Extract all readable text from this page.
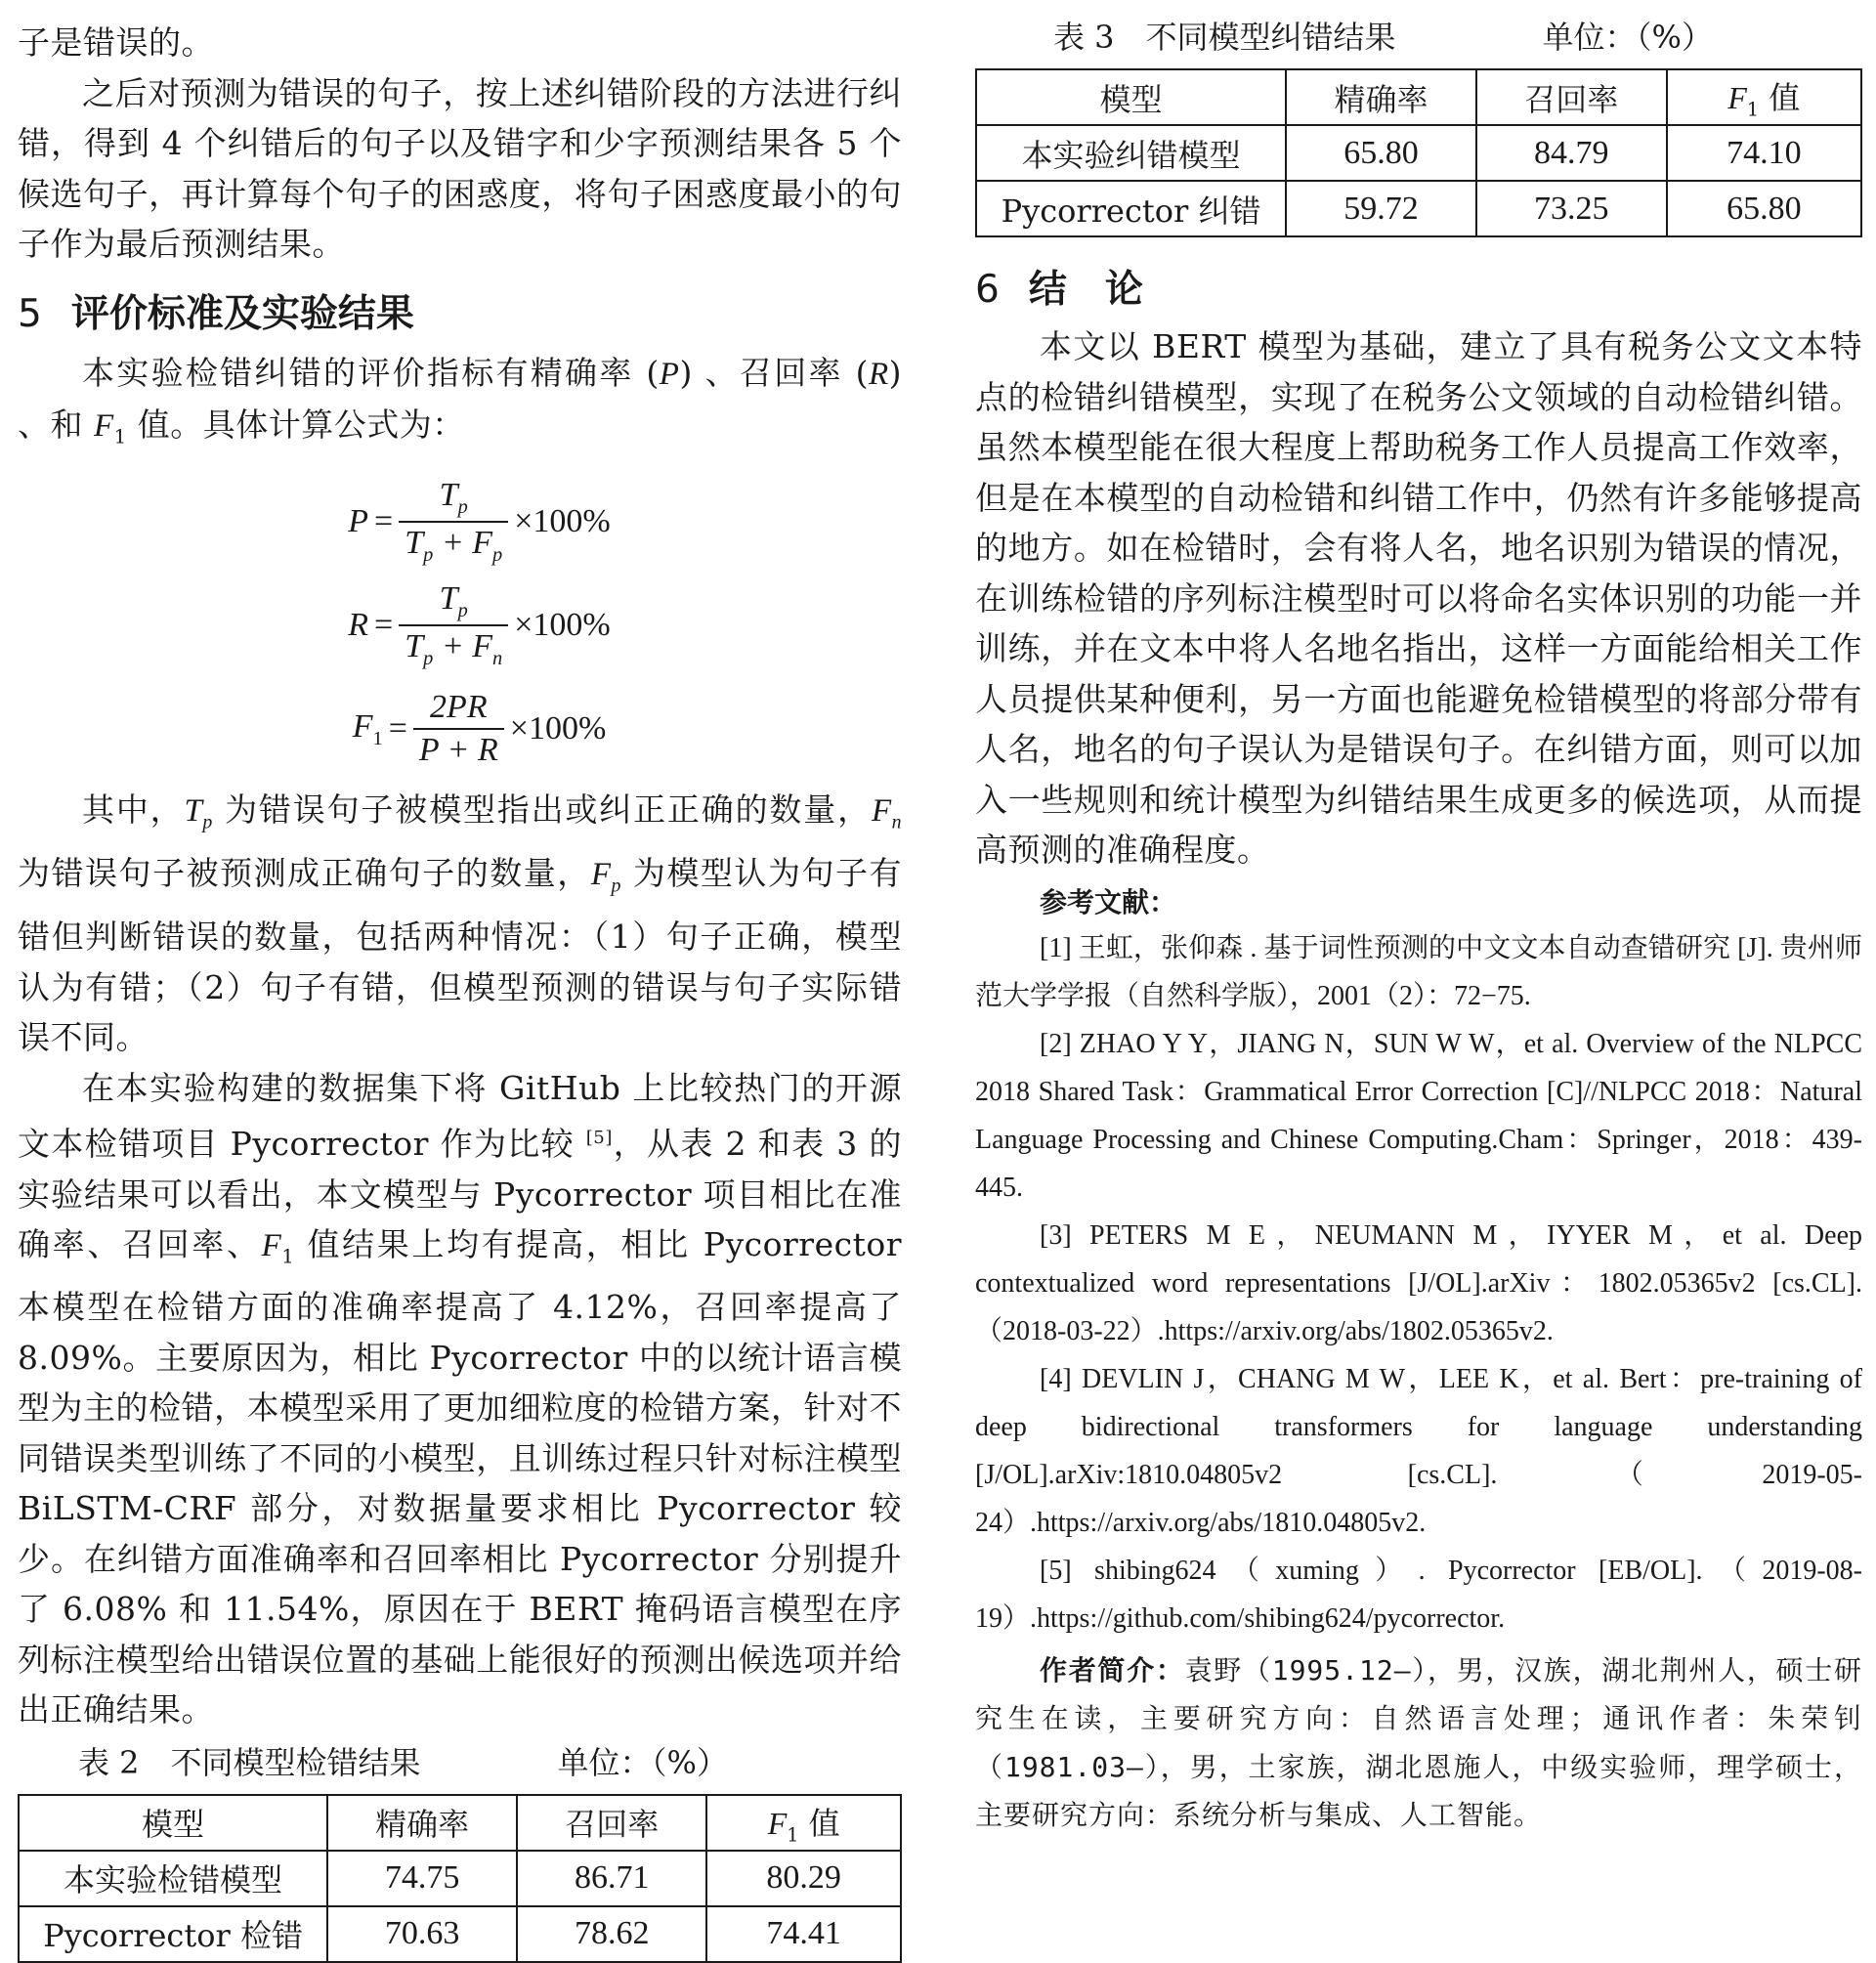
子是错误的。

之后对预测为错误的句子，按上述纠错阶段的方法进行纠错，得到 4 个纠错后的句子以及错字和少字预测结果各 5 个候选句子，再计算每个句子的困惑度，将句子困惑度最小的句子作为最后预测结果。

5 评价标准及实验结果

本实验检错纠错的评价指标有精确率 (P) 、召回率 (R) 、和 $F_1$ 值。具体计算公式为：

$P = \frac{T_p}{T_p + F_p} \times 100\%$
$R = \frac{T_p}{T_p + F_n} \times 100\%$
$F_1 = \frac{2PR}{P + R} \times 100\%$

其中，$T_p$ 为错误句子被模型指出或纠正正确的数量，$F_n$ 为错误句子被预测成正确句子的数量，$F_p$ 为模型认为句子有错但判断错误的数量，包括两种情况：（1）句子正确，模型认为有错；（2）句子有错，但模型预测的错误与句子实际错误不同。

在本实验构建的数据集下将 GitHub 上比较热门的开源文本检错项目 Pycorrector 作为比较 [5]，从表 2 和表 3 的实验结果可以看出，本文模型与 Pycorrector 项目相比在准确率、召回率、$F_1$ 值结果上均有提高，相比 Pycorrector 本模型在检错方面的准确率提高了 4.12%，召回率提高了 8.09%。主要原因为，相比 Pycorrector 中的以统计语言模型为主的检错，本模型采用了更加细粒度的检错方案，针对不同错误类型训练了不同的小模型，且训练过程只针对标注模型 BiLSTM-CRF 部分，对数据量要求相比 Pycorrector 较少。在纠错方面准确率和召回率相比 Pycorrector 分别提升了 6.08% 和 11.54%，原因在于 BERT 掩码语言模型在序列标注模型给出错误位置的基础上能很好的预测出候选项并给出正确结果。

表 2　不同模型检错结果	单位：（%）
模型	精确率	召回率	$F_1$ 值
本实验检错模型	74.75	86.71	80.29
Pycorrector 检错	70.63	78.62	74.41
表 3　不同模型纠错结果	单位：（%）
模型	精确率	召回率	$F_1$ 值
本实验纠错模型	65.80	84.79	74.10
Pycorrector 纠错	59.72	73.25	65.80
6 结　论

本文以 BERT 模型为基础，建立了具有税务公文文本特点的检错纠错模型，实现了在税务公文领域的自动检错纠错。虽然本模型能在很大程度上帮助税务工作人员提高工作效率，但是在本模型的自动检错和纠错工作中，仍然有许多能够提高的地方。如在检错时，会有将人名，地名识别为错误的情况，在训练检错的序列标注模型时可以将命名实体识别的功能一并训练，并在文本中将人名地名指出，这样一方面能给相关工作人员提供某种便利，另一方面也能避免检错模型的将部分带有人名，地名的句子误认为是错误句子。在纠错方面，则可以加入一些规则和统计模型为纠错结果生成更多的候选项，从而提高预测的准确程度。

参考文献：

[1] 王虹，张仰森 . 基于词性预测的中文文本自动查错研究 [J]. 贵州师范大学学报（自然科学版），2001（2）：72−75.

[2] ZHAO Y Y，JIANG N，SUN W W，et al. Overview of the NLPCC 2018 Shared Task：Grammatical Error Correction [C]//NLPCC 2018：Natural Language Processing and Chinese Computing.Cham：Springer，2018：439-445.

[3] PETERS M E，NEUMANN M，IYYER M，et al. Deep contextualized word representations [J/OL].arXiv：1802.05365v2 [cs.CL].（2018-03-22）.https://arxiv.org/abs/1802.05365v2.

[4] DEVLIN J，CHANG M W，LEE K，et al. Bert：pre-training of deep bidirectional transformers for language understanding [J/OL].arXiv:1810.04805v2 [cs.CL].（2019-05-24）.https://arxiv.org/abs/1810.04805v2.

[5] shibing624（xuming）. Pycorrector [EB/OL].（2019-08-19）.https://github.com/shibing624/pycorrector.

作者简介：袁野（1995.12—），男，汉族，湖北荆州人，硕士研究生在读，主要研究方向：自然语言处理；通讯作者：朱荣钊（1981.03—），男，土家族，湖北恩施人，中级实验师，理学硕士，主要研究方向：系统分析与集成、人工智能。
